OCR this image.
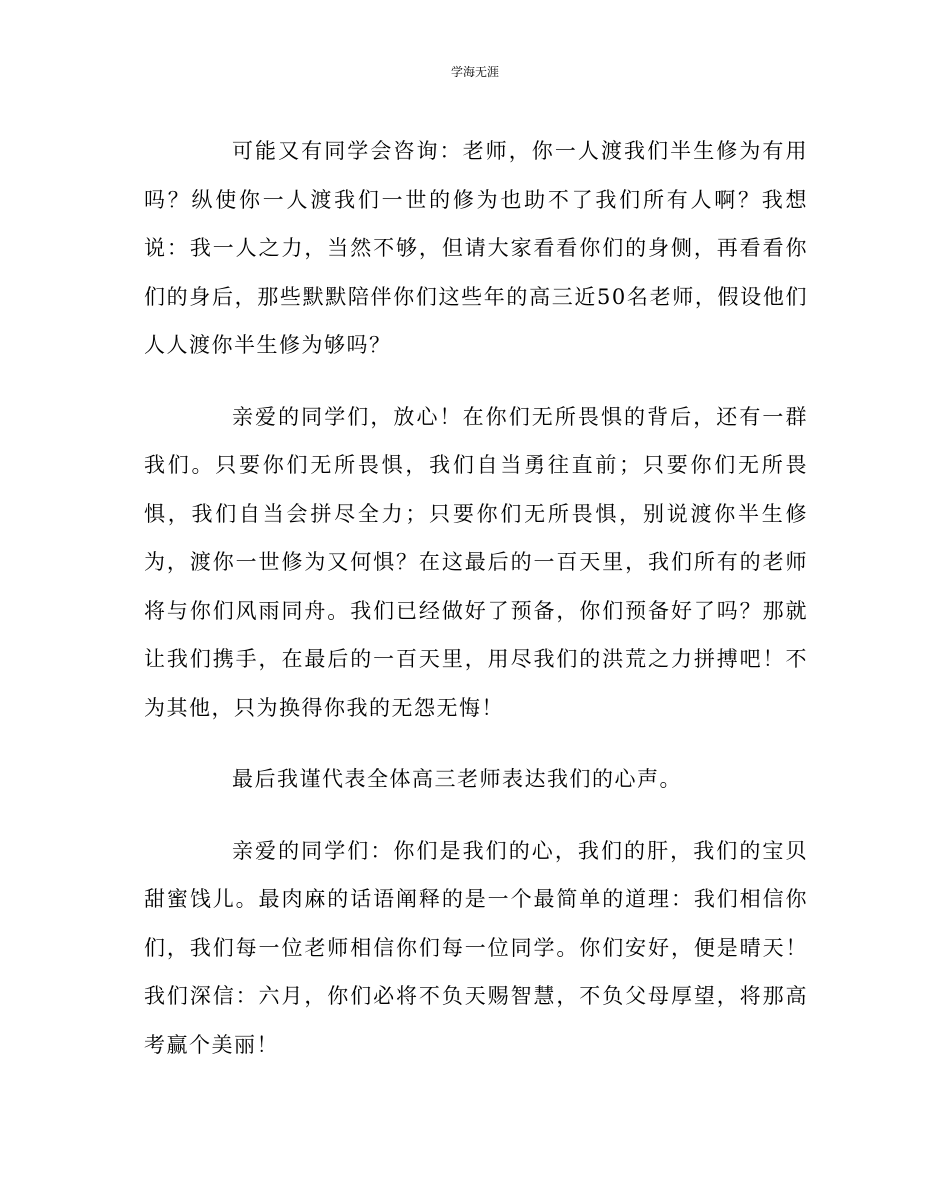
学海无涯

可能又有同学会咨询：老师，你一人渡我们半生修为有用吗？纵使你一人渡我们一世的修为也助不了我们所有人啊？我想说：我一人之力，当然不够，但请大家看看你们的身侧，再看看你们的身后，那些默默陪伴你们这些年的高三近50名老师，假设他们人人渡你半生修为够吗？

亲爱的同学们，放心！在你们无所畏惧的背后，还有一群我们。只要你们无所畏惧，我们自当勇往直前；只要你们无所畏惧，我们自当会拼尽全力；只要你们无所畏惧，别说渡你半生修为，渡你一世修为又何惧？在这最后的一百天里，我们所有的老师将与你们风雨同舟。我们已经做好了预备，你们预备好了吗？那就让我们携手，在最后的一百天里，用尽我们的洪荒之力拼搏吧！不为其他，只为换得你我的无怨无悔！

最后我谨代表全体高三老师表达我们的心声。

亲爱的同学们：你们是我们的心，我们的肝，我们的宝贝甜蜜饯儿。最肉麻的话语阐释的是一个最简单的道理：我们相信你们，我们每一位老师相信你们每一位同学。你们安好，便是晴天！我们深信：六月，你们必将不负天赐智慧，不负父母厚望，将那高考赢个美丽！
